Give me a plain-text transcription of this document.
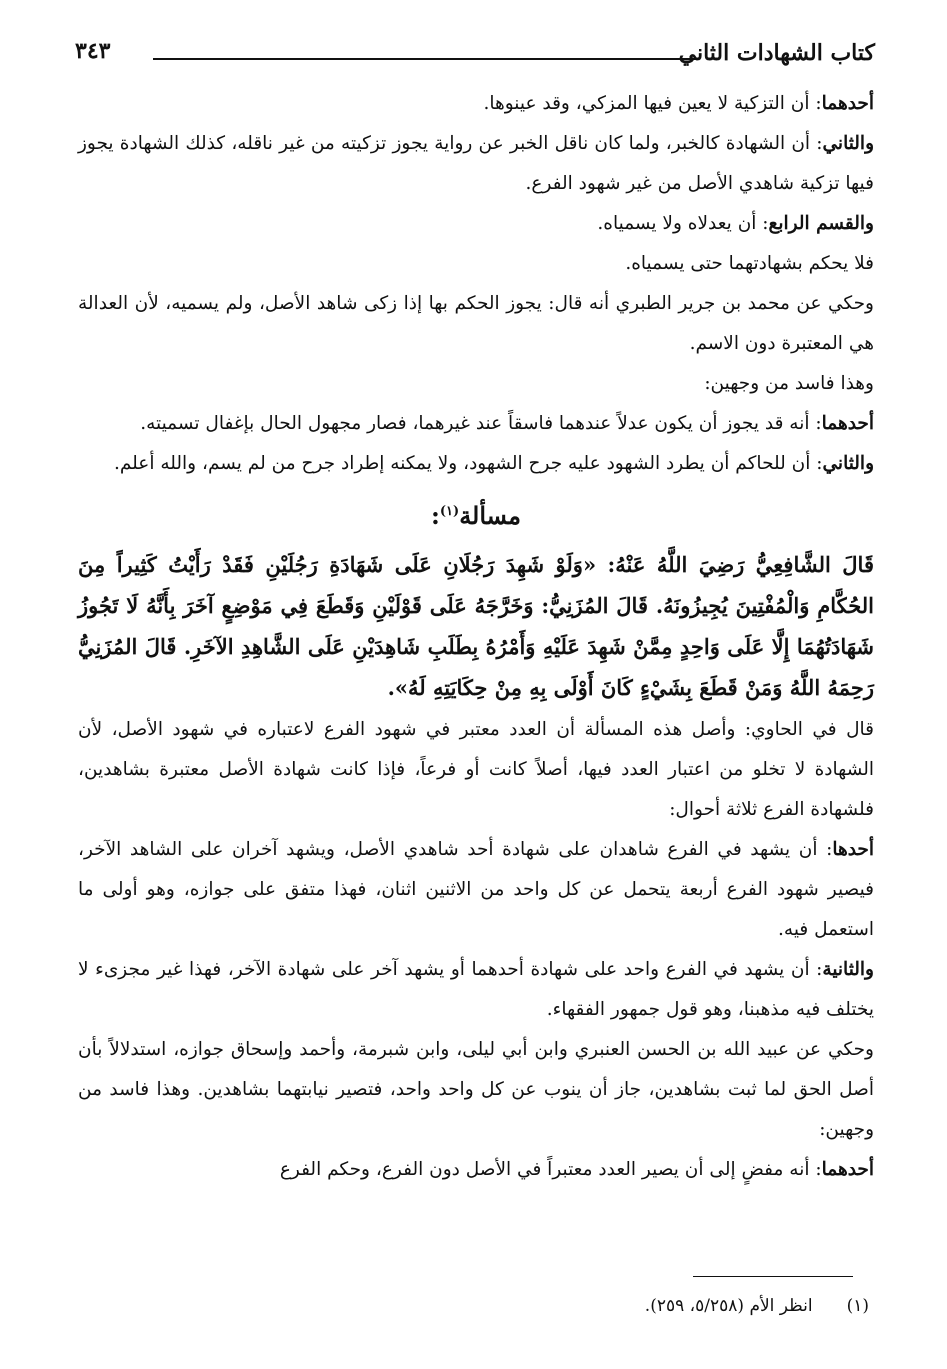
كتاب الشهادات الثاني
٣٤٣

أحدهما: أن التزكية لا يعين فيها المزكي، وقد عينوها.

والثاني: أن الشهادة كالخبر، ولما كان ناقل الخبر عن رواية يجوز تزكيته من غير ناقله، كذلك الشهادة يجوز فيها تزكية شاهدي الأصل من غير شهود الفرع.

والقسم الرابع: أن يعدلاه ولا يسمياه.

فلا يحكم بشهادتهما حتى يسمياه.

وحكي عن محمد بن جرير الطبري أنه قال: يجوز الحكم بها إذا زكى شاهد الأصل، ولم يسميه، لأن العدالة هي المعتبرة دون الاسم.

وهذا فاسد من وجهين:

أحدهما: أنه قد يجوز أن يكون عدلاً عندهما فاسقاً عند غيرهما، فصار مجهول الحال بإغفال تسميته.

والثاني: أن للحاكم أن يطرد الشهود عليه جرح الشهود، ولا يمكنه إطراد جرح من لم يسم، والله أعلم.

مسألة$^{(١)}$:

قَالَ الشَّافِعِيُّ رَضِيَ اللَّهُ عَنْهُ: «وَلَوْ شَهِدَ رَجُلَانِ عَلَى شَهَادَةِ رَجُلَيْنِ فَقَدْ رَأَيْتُ كَثِيراً مِنَ الحُكَّامِ وَالْمُفْتِينَ يُجِيزُونَهُ. قَالَ المُزَنِيُّ: وَخَرَّجَهُ عَلَى قَوْلَيْنِ وَقَطَعَ فِي مَوْضِعٍ آخَرَ بِأَنَّهُ لَا تَجُوزُ شَهَادَتُهُمَا إِلَّا عَلَى وَاحِدٍ مِمَّنْ شَهِدَ عَلَيْهِ وَأَمْرُهُ بِطَلَبِ شَاهِدَيْنِ عَلَى الشَّاهِدِ الآخَرِ. قَالَ المُزَنِيُّ رَحِمَهُ اللَّهُ وَمَنْ قَطَعَ بِشَيْءٍ كَانَ أَوْلَى بِهِ مِنْ حِكَايَتِهِ لَهُ».

قال في الحاوي: وأصل هذه المسألة أن العدد معتبر في شهود الفرع لاعتباره في شهود الأصل، لأن الشهادة لا تخلو من اعتبار العدد فيها، أصلاً كانت أو فرعاً، فإذا كانت شهادة الأصل معتبرة بشاهدين، فلشهادة الفرع ثلاثة أحوال:

أحدها: أن يشهد في الفرع شاهدان على شهادة أحد شاهدي الأصل، ويشهد آخران على الشاهد الآخر، فيصير شهود الفرع أربعة يتحمل عن كل واحد من الاثنين اثنان، فهذا متفق على جوازه، وهو أولى ما استعمل فيه.

والثانية: أن يشهد في الفرع واحد على شهادة أحدهما أو يشهد آخر على شهادة الآخر، فهذا غير مجزىء لا يختلف فيه مذهبنا، وهو قول جمهور الفقهاء.

وحكي عن عبيد الله بن الحسن العنبري وابن أبي ليلى، وابن شبرمة، وأحمد وإسحاق جوازه، استدلالاً بأن أصل الحق لما ثبت بشاهدين، جاز أن ينوب عن كل واحد واحد، فتصير نيابتهما بشاهدين. وهذا فاسد من وجهين:

أحدهما: أنه مفضٍ إلى أن يصير العدد معتبراً في الأصل دون الفرع، وحكم الفرع

(١)انظر الأم (٥/٢٥٨، ٢٥٩).
